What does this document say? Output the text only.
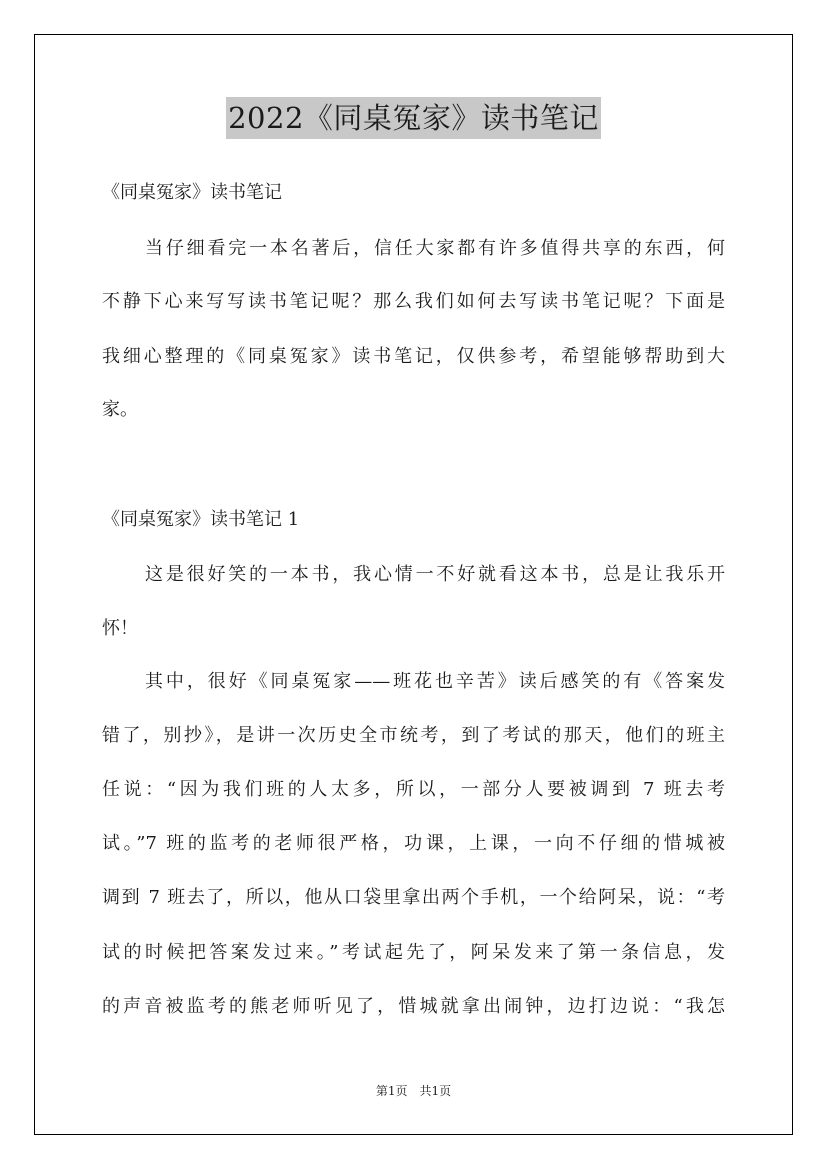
2022《同桌冤家》读书笔记
《同桌冤家》读书笔记
当仔细看完一本名著后，信任大家都有许多值得共享的东西，何
不静下心来写写读书笔记呢？那么我们如何去写读书笔记呢？下面是
我细心整理的《同桌冤家》读书笔记，仅供参考，希望能够帮助到大
家。
《同桌冤家》读书笔记 1
这是很好笑的一本书，我心情一不好就看这本书，总是让我乐开
怀！
其中，很好《同桌冤家——班花也辛苦》读后感笑的有《答案发
错了，别抄》，是讲一次历史全市统考，到了考试的那天，他们的班主
任说：“因为我们班的人太多，所以，一部分人要被调到 7 班去考
试。”7 班的监考的老师很严格，功课，上课，一向不仔细的惜城被
调到 7 班去了，所以，他从口袋里拿出两个手机，一个给阿呆，说：“考
试的时候把答案发过来。”考试起先了，阿呆发来了第一条信息，发
的声音被监考的熊老师听见了，惜城就拿出闹钟，边打边说：“我怎
第1页　共1页
